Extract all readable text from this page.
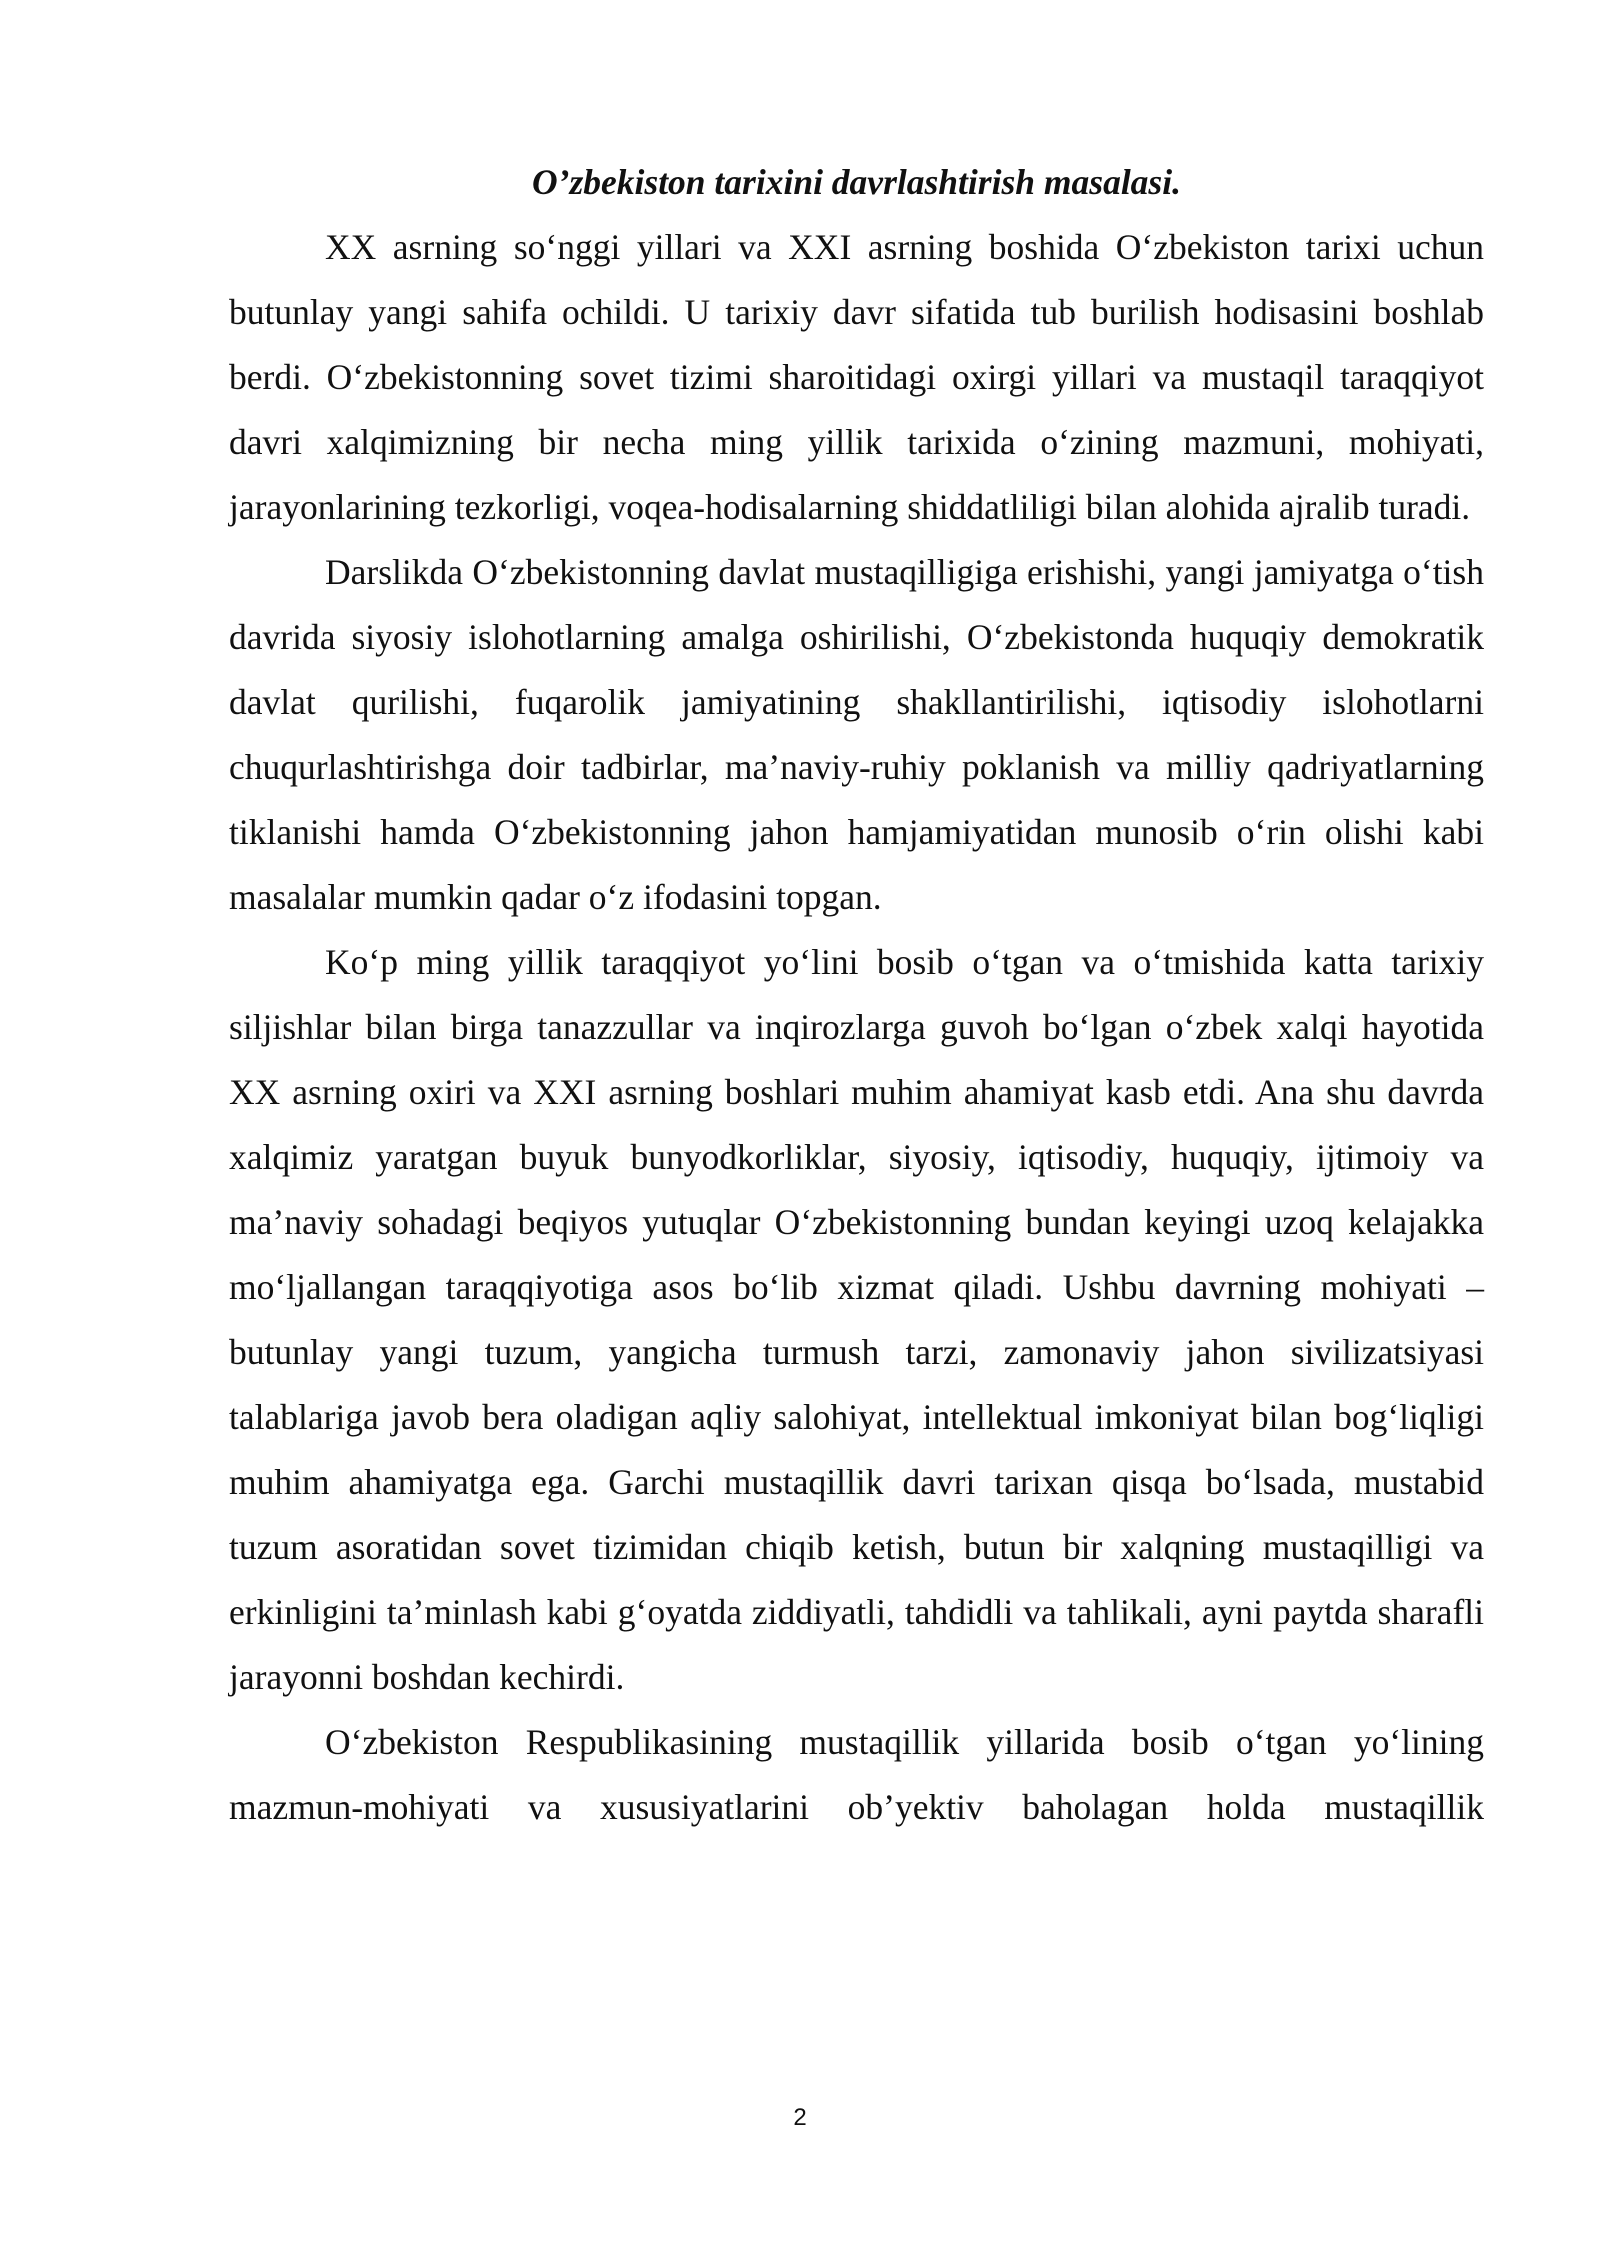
O’zbekiston tarixini davrlashtirish masalasi.

XX asrning so‘nggi yillari va XXI asrning boshida O‘zbekiston tarixi uchun butunlay yangi sahifa ochildi. U tarixiy davr sifatida tub burilish hodisasini boshlab berdi. O‘zbekistonning sovet tizimi sharoitidagi oxirgi yillari va mustaqil taraqqiyot davri xalqimizning bir necha ming yillik tarixida o‘zining mazmuni, mohiyati, jarayonlarining tezkorligi, voqea-hodisalarning shiddatliligi bilan alohida ajralib turadi.

Darslikda O‘zbekistonning davlat mustaqilligiga erishishi, yangi jamiyatga o‘tish davrida siyosiy islohotlarning amalga oshirilishi, O‘zbekistonda huquqiy demokratik davlat qurilishi, fuqarolik jamiyatining shakllantirilishi, iqtisodiy islohotlarni chuqurlashtirishga doir tadbirlar, ma’naviy-ruhiy poklanish va milliy qadriyatlarning tiklanishi hamda O‘zbekistonning jahon hamjamiyatidan munosib o‘rin olishi kabi masalalar mumkin qadar o‘z ifodasini topgan.

Ko‘p ming yillik taraqqiyot yo‘lini bosib o‘tgan va o‘tmishida katta tarixiy siljishlar bilan birga tanazzullar va inqirozlarga guvoh bo‘lgan o‘zbek xalqi hayotida XX asrning oxiri va XXI asrning boshlari muhim ahamiyat kasb etdi. Ana shu davrda xalqimiz yaratgan buyuk bunyodkorliklar, siyosiy, iqtisodiy, huquqiy, ijtimoiy va ma’naviy sohadagi beqiyos yutuqlar O‘zbekistonning bundan keyingi uzoq kelajakka mo‘ljallangan taraqqiyotiga asos bo‘lib xizmat qiladi. Ushbu davrning mohiyati – butunlay yangi tuzum, yangicha turmush tarzi, zamonaviy jahon sivilizatsiyasi talablariga javob bera oladigan aqliy salohiyat, intellektual imkoniyat bilan bog‘liqligi muhim ahamiyatga ega. Garchi mustaqillik davri tarixan qisqa bo‘lsada, mustabid tuzum asoratidan sovet tizimidan chiqib ketish, butun bir xalqning mustaqilligi va erkinligini ta’minlash kabi g‘oyatda ziddiyatli, tahdidli va tahlikali, ayni paytda sharafli jarayonni boshdan kechirdi.

O‘zbekiston Respublikasining mustaqillik yillarida bosib o‘tgan yo‘lining mazmun-mohiyati va xususiyatlarini ob’yektiv baholagan holda mustaqillik

2
